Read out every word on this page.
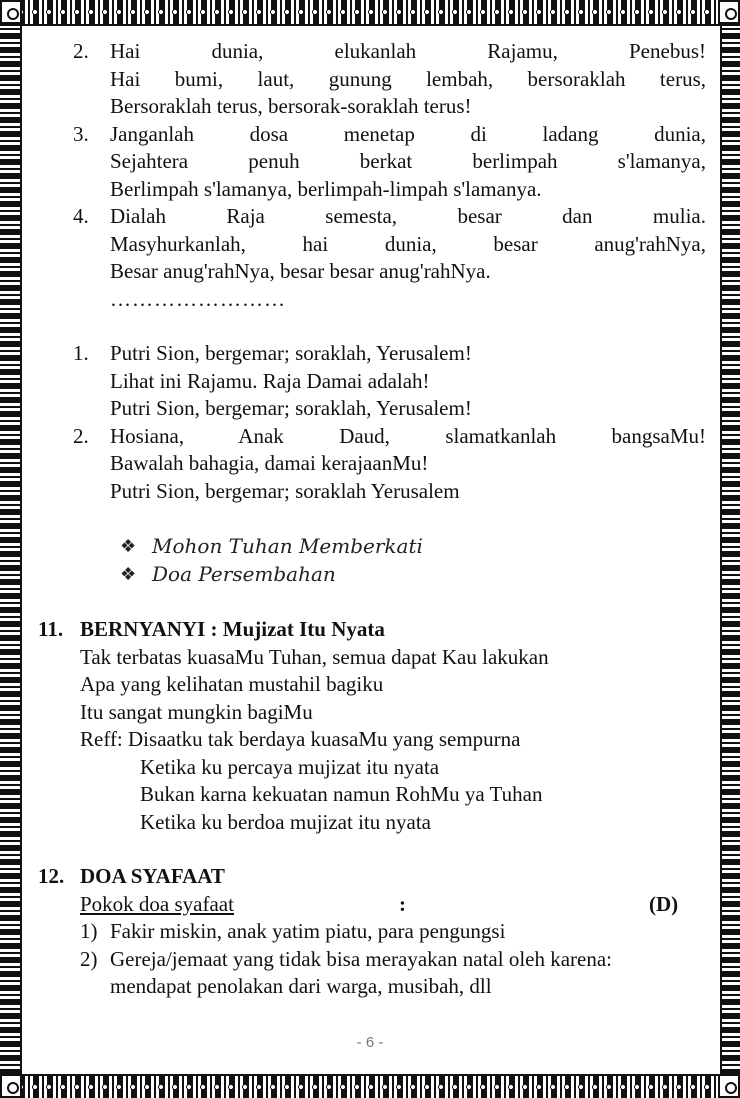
2. Hai dunia, elukanlah Rajamu, Penebus!
Hai bumi, laut, gunung lembah, bersoraklah terus,
Bersoraklah terus, bersorak-soraklah terus!
3. Janganlah dosa menetap di ladang dunia,
Sejahtera penuh berkat berlimpah s'lamanya,
Berlimpah s'lamanya, berlimpah-limpah s'lamanya.
4. Dialah Raja semesta, besar dan mulia.
Masyhurkanlah, hai dunia, besar anug'rahNya,
Besar anug'rahNya, besar besar anug'rahNya.
……………………
1. Putri Sion, bergemar; soraklah, Yerusalem!
Lihat ini Rajamu. Raja Damai adalah!
Putri Sion, bergemar; soraklah, Yerusalem!
2. Hosiana, Anak Daud, slamatkanlah bangsaMu!
Bawalah bahagia, damai kerajaanMu!
Putri Sion, bergemar; soraklah Yerusalem
❖ Mohon Tuhan Memberkati
❖ Doa Persembahan
11. BERNYANYI : Mujizat Itu Nyata
Tak terbatas kuasaMu Tuhan, semua dapat Kau lakukan
Apa yang kelihatan mustahil bagiku
Itu sangat mungkin bagiMu
Reff: Disaatku tak berdaya kuasaMu yang sempurna
Ketika ku percaya mujizat itu nyata
Bukan karna kekuatan namun RohMu ya Tuhan
Ketika ku berdoa mujizat itu nyata
12. DOA SYAFAAT
:	(D)
Pokok doa syafaat
1) Fakir miskin, anak yatim piatu, para pengungsi
2) Gereja/jemaat yang tidak bisa merayakan natal oleh karena:
mendapat penolakan dari warga, musibah, dll
- 6 -
